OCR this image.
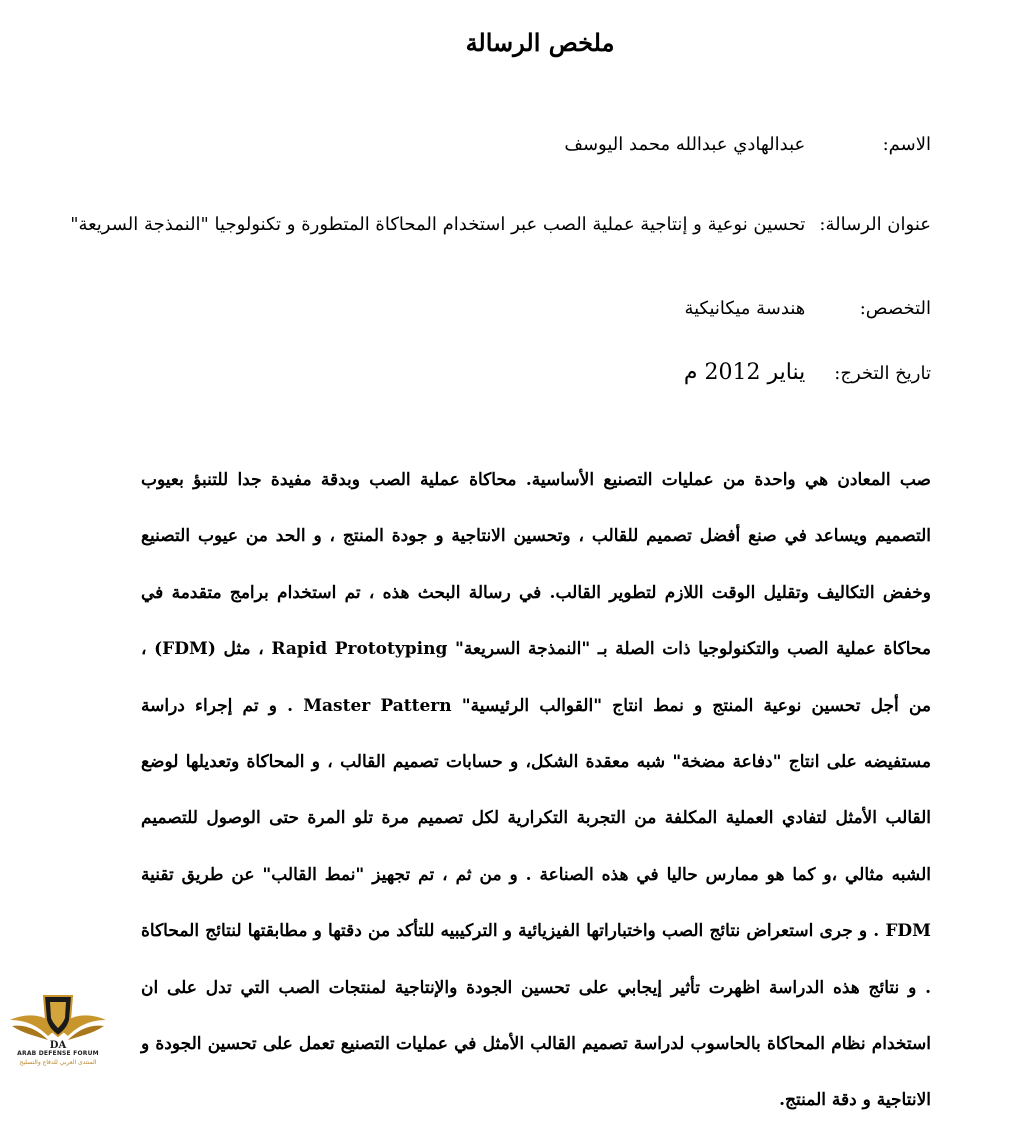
ملخص الرسالة
الاسم: عبدالهادي عبدالله محمد اليوسف
عنوان الرسالة: تحسين نوعية و إنتاجية عملية الصب عبر استخدام المحاكاة المتطورة و تكنولوجيا "النمذجة السريعة"
التخصص: هندسة ميكانيكية
تاريخ التخرج: يناير 2012 م

صب المعادن هي واحدة من عمليات التصنيع الأساسية. محاكاة عملية الصب وبدقة مفيدة جدا للتنبؤ بعيوب التصميم ويساعد في صنع أفضل تصميم للقالب ، وتحسين الانتاجية و جودة المنتج ، و الحد من عيوب التصنيع وخفض التكاليف وتقليل الوقت اللازم لتطوير القالب. في رسالة البحث هذه ، تم استخدام برامج متقدمة في محاكاة عملية الصب والتكنولوجيا ذات الصلة بـ "النمذجة السريعة" Rapid Prototyping ، مثل (FDM) ، من أجل تحسين نوعية المنتج و نمط انتاج "القوالب الرئيسية" Master Pattern . و تم إجراء دراسة مستفيضه على انتاج "دفاعة مضخة" شبه معقدة الشكل، و حسابات تصميم القالب ، و المحاكاة وتعديلها لوضع القالب الأمثل لتفادي العملية المكلفة من التجربة التكرارية لكل تصميم مرة تلو المرة حتى الوصول للتصميم الشبه مثالي ،و كما هو ممارس حاليا في هذه الصناعة . و من ثم ، تم تجهيز "نمط القالب" عن طريق تقنية FDM . و جرى استعراض نتائج الصب واختباراتها الفيزيائية و التركيبيه للتأكد من دقتها و مطابقتها لنتائج المحاكاة . و نتائج هذه الدراسة اظهرت تأثير إيجابي على تحسين الجودة والإنتاجية لمنتجات الصب التي تدل على ان استخدام نظام المحاكاة بالحاسوب لدراسة تصميم القالب الأمثل في عمليات التصنيع تعمل على تحسين الجودة و الانتاجية و دقة المنتج.

DA
ARAB DEFENSE FORUM
المنتدى العربي للدفاع والتسليح
